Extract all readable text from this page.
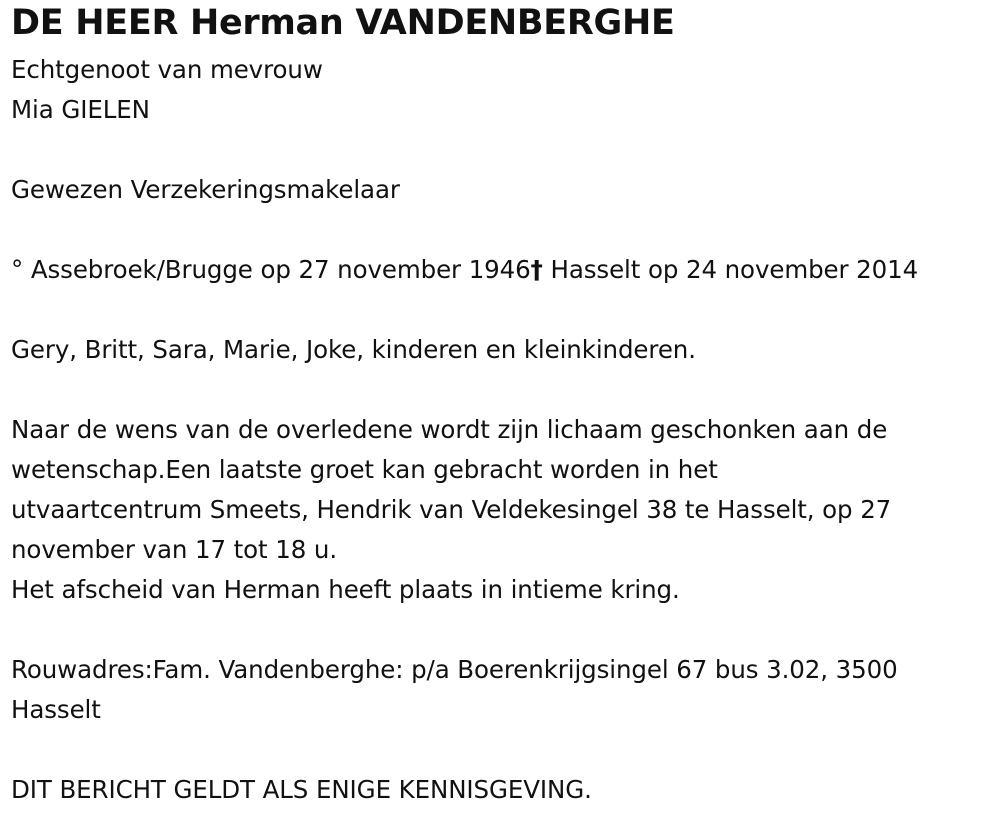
DE HEER Herman VANDENBERGHE
Echtgenoot van mevrouw
Mia GIELEN
Gewezen Verzekeringsmakelaar
° Assebroek/Brugge op 27 november 1946† Hasselt op 24 november 2014
Gery, Britt, Sara, Marie, Joke, kinderen en kleinkinderen.
Naar de wens van de overledene wordt zijn lichaam geschonken aan de
wetenschap.Een laatste groet kan gebracht worden in het
utvaartcentrum Smeets, Hendrik van Veldekesingel 38 te Hasselt, op 27
november van 17 tot 18 u.
Het afscheid van Herman heeft plaats in intieme kring.
Rouwadres:Fam. Vandenberghe: p/a Boerenkrijgsingel 67 bus 3.02, 3500
Hasselt
DIT BERICHT GELDT ALS ENIGE KENNISGEVING.
